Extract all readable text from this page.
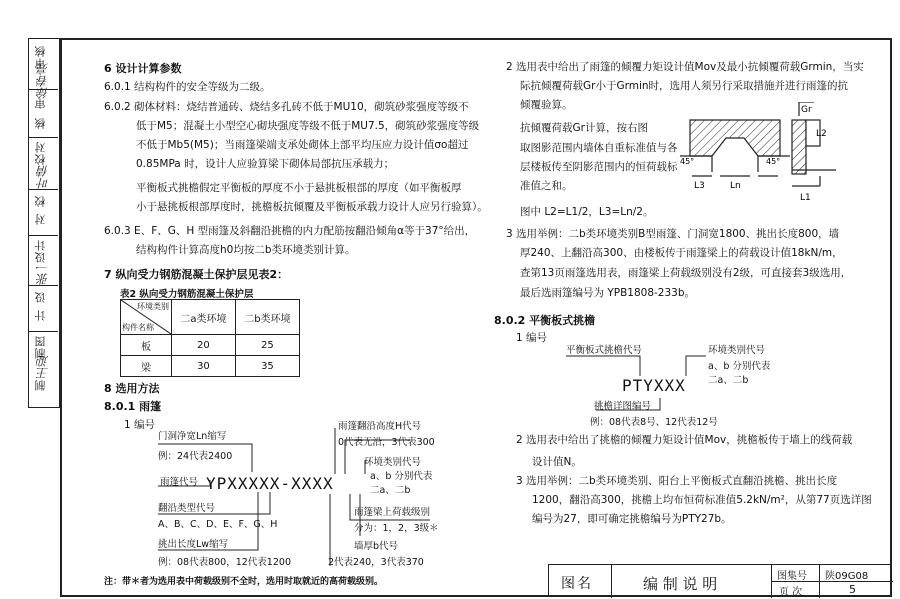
审核
徐春亮
审
核
校对
叶倩
校
对
设计
张一
设
计
制图
王迎
制
6 设计计算参数
6.0.1 结构构件的安全等级为二级。
6.0.2 砌体材料：烧结普通砖、烧结多孔砖不低于MU10，砌筑砂浆强度等级不
低于M5；混凝土小型空心砌块强度等级不低于MU7.5，砌筑砂浆强度等级
不低于Mb5(M5)；当雨篷梁端支承处砌体上部平均压应力设计值σo超过
0.85MPa 时，设计人应验算梁下砌体局部抗压承载力；
平衡板式挑檐假定平衡板的厚度不小于悬挑板根部的厚度（如平衡板厚
小于悬挑板根部厚度时，挑檐板抗倾覆及平衡板承载力设计人应另行验算）。
6.0.3 E、F、G、H 型雨篷及斜翻沿挑檐的内力配筋按翻沿倾角α等于37°给出，
结构构件计算高度h0均按二b类环境类别计算。
7 纵向受力钢筋混凝土保护层见表2：
表2 纵向受力钢筋混凝土保护层
环境类别
构件名称	二a类环境	二b类环境
板	20	25
梁	30	35
8 选用方法
8.0.1 雨篷
1 编号
门洞净宽Ln缩写
例：24代表2400
雨篷代号 YPXXXXX-XXXX
翻沿类型代号
A、B、C、D、E、F、G、H
挑出长度Lw缩写
例：08代表800，12代表1200
雨篷翻沿高度H代号
0代表无沿，3代表300
环境类别代号
a、b 分别代表
二a、二b
雨篷梁上荷载级别
分为：1，2，3级＊
墙厚b代号
2代表240，3代表370
注：带＊者为选用表中荷载级别不全时，选用时取就近的高荷载级别。
2 选用表中给出了雨篷的倾覆力矩设计值Mov及最小抗倾覆荷载Grmin，当实
际抗倾覆荷载Gr小于Grmin时，选用人须另行采取措施并进行雨篷的抗
倾覆验算。
抗倾覆荷载Gr计算，按右图
取图影范围内墙体自重标准值与各
层楼板传至阴影范围内的恒荷载标
准值之和。
图中 L2=L1/2，L3=Ln/2。
Gr
L2
L1
L3	Ln
45°	45°
3 选用举例：二b类环境类别B型雨篷、门洞宽1800、挑出长度800，墙
厚240、上翻沿高300、由楼板传于雨篷梁上的荷载设计值18kN/m，
查第13页雨篷选用表，雨篷梁上荷载级别没有2级，可直接套3级选用，
最后选雨篷编号为 YPB1808-233b。
8.0.2 平衡板式挑檐
1 编号
平衡板式挑檐代号	环境类别代号
a、b 分别代表
二a、二b
PTYXXX
挑檐详图编号
例：08代表8号、12代表12号
2 选用表中给出了挑檐的倾覆力矩设计值Mov，挑檐板传于墙上的线荷载
设计值N。
3 选用举例：二b类环境类别、阳台上平衡板式直翻沿挑檐、挑出长度
1200，翻沿高300，挑檐上均布恒荷标准值5.2kN/m²，从第77页选详图
编号为27，即可确定挑檐编号为PTY27b。
图名	编 制 说 明	图集号 陕09G08
页 次	5
